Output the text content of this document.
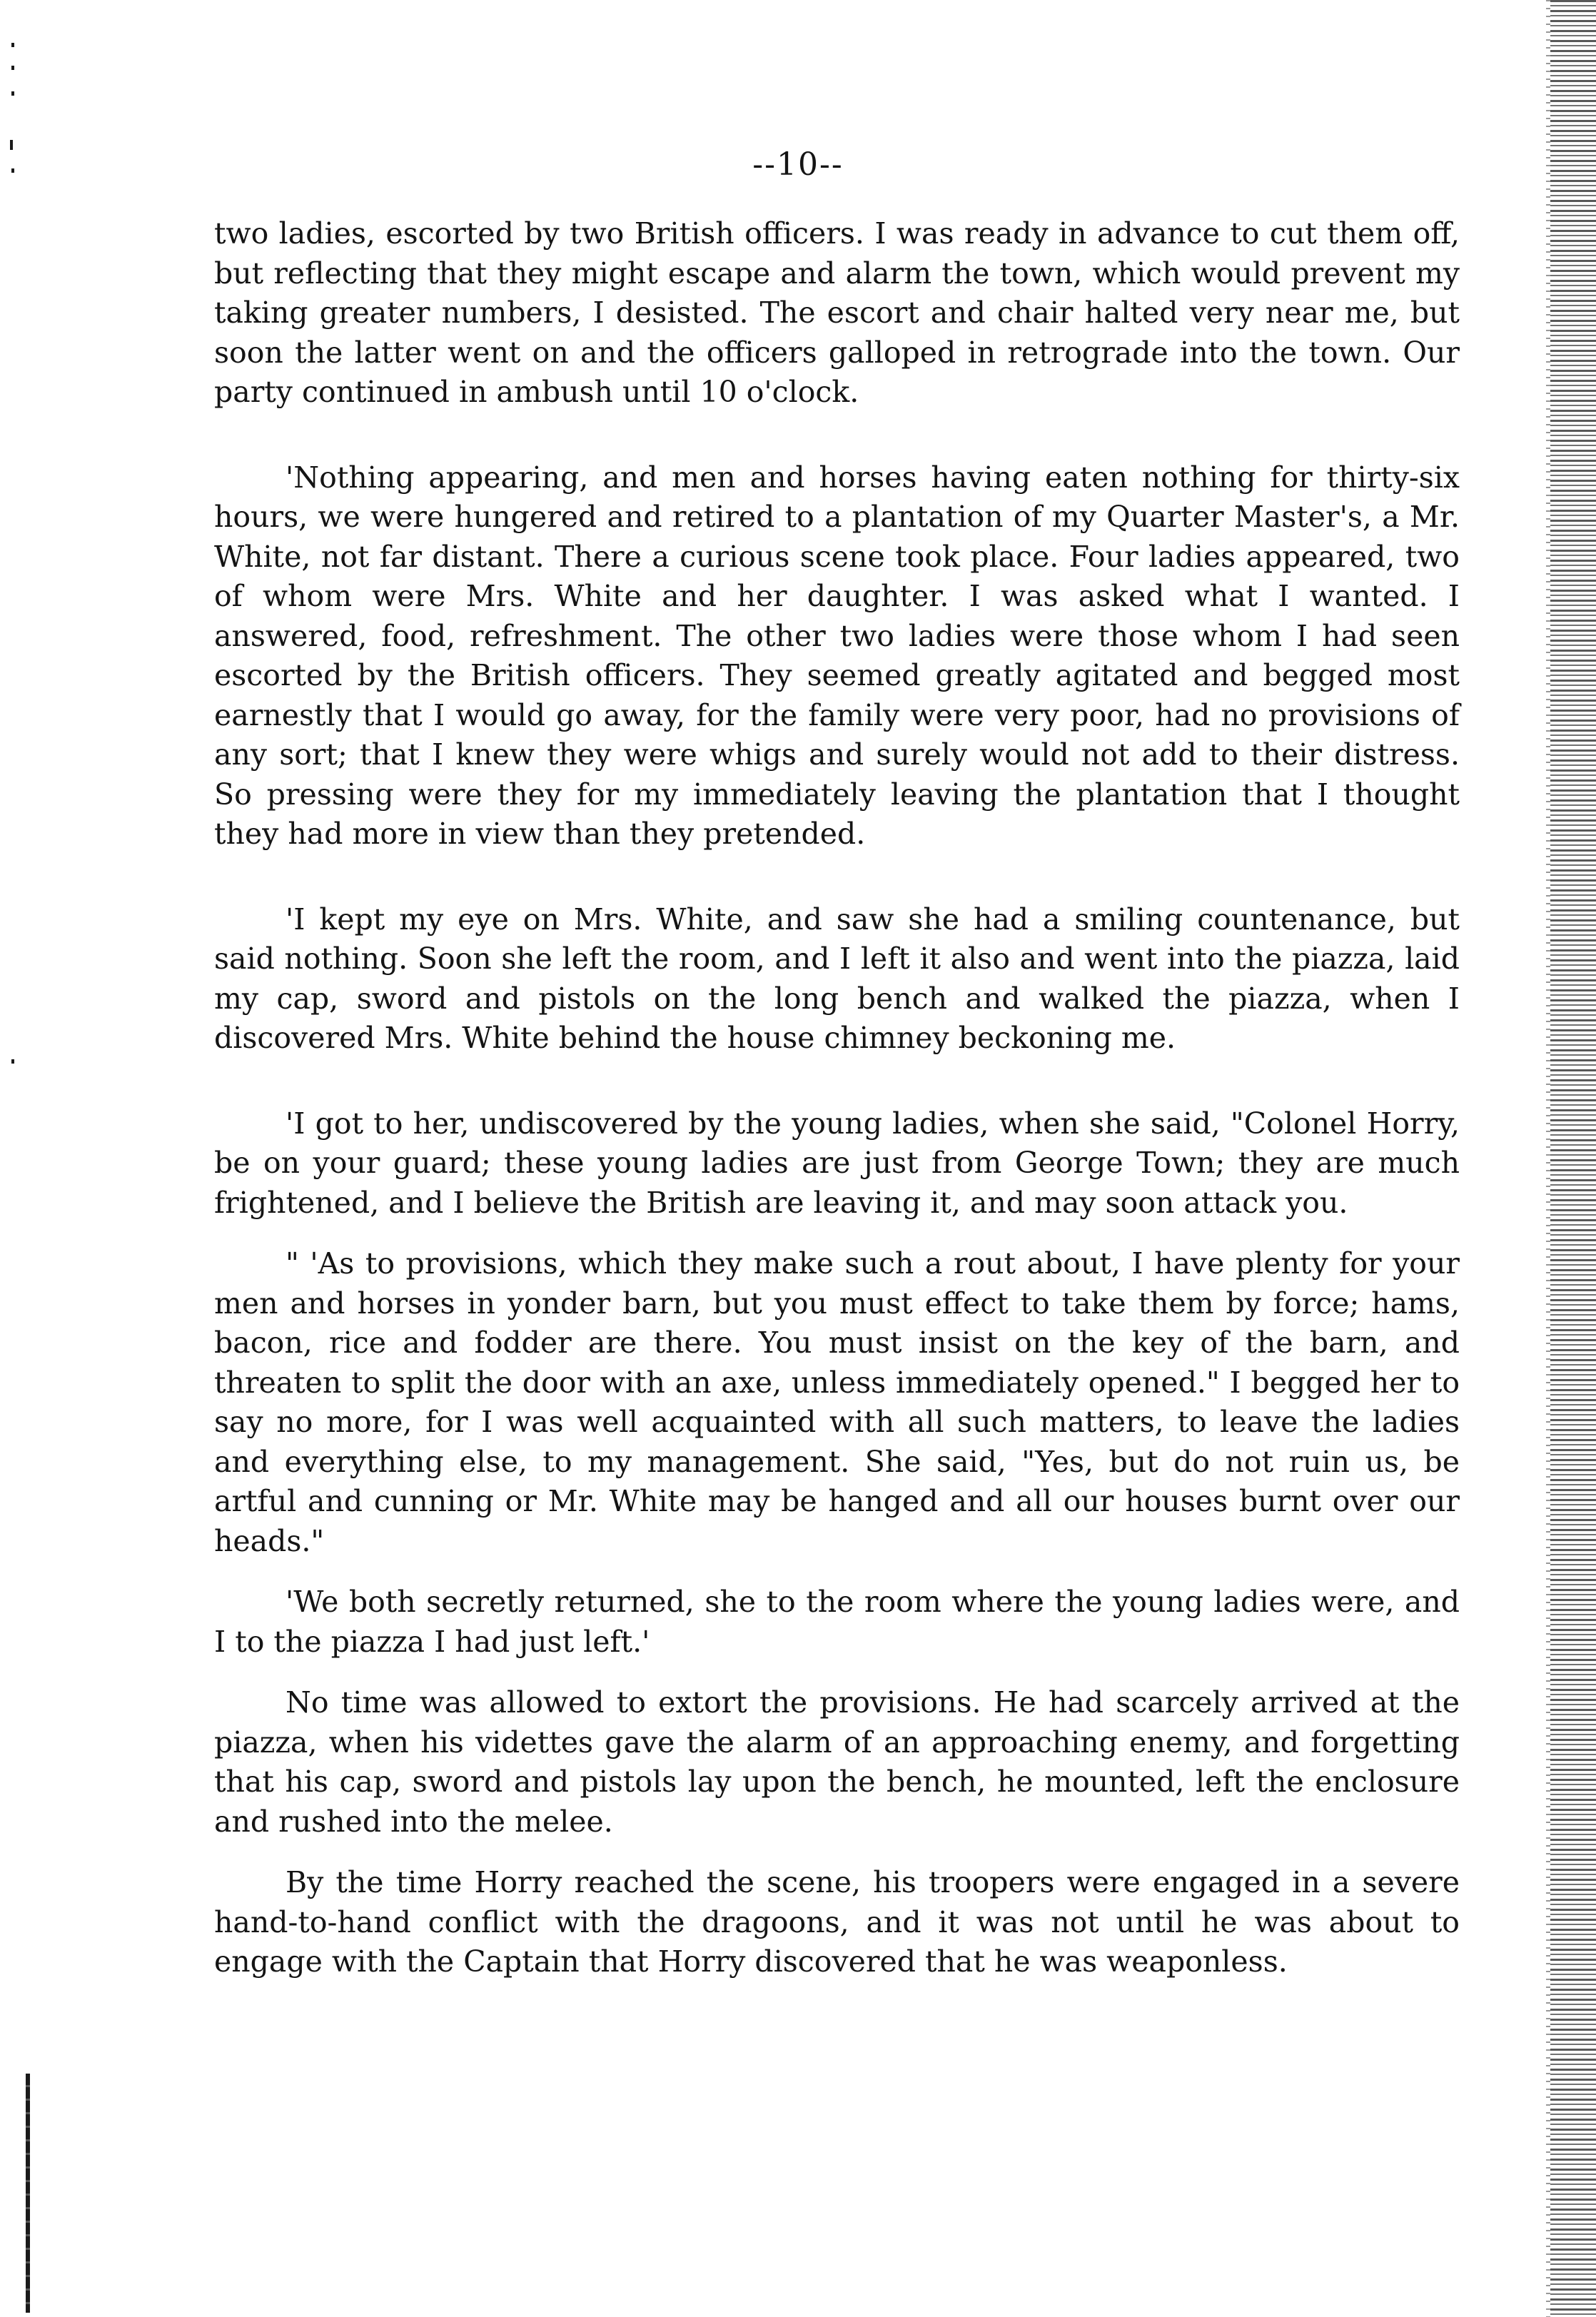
--10--

two ladies, escorted by two British officers. I was ready in advance to cut them off, but reflecting that they might escape and alarm the town, which would prevent my taking greater numbers, I desisted. The escort and chair halted very near me, but soon the latter went on and the officers galloped in retrograde into the town. Our party continued in ambush until 10 o'clock.

'Nothing appearing, and men and horses having eaten nothing for thirty-six hours, we were hungered and retired to a plantation of my Quarter Master's, a Mr. White, not far distant. There a curious scene took place. Four ladies appeared, two of whom were Mrs. White and her daughter. I was asked what I wanted. I answered, food, refreshment. The other two ladies were those whom I had seen escorted by the British officers. They seemed greatly agitated and begged most earnestly that I would go away, for the family were very poor, had no provisions of any sort; that I knew they were whigs and surely would not add to their distress. So pressing were they for my immediately leaving the plantation that I thought they had more in view than they pretended.

'I kept my eye on Mrs. White, and saw she had a smiling countenance, but said nothing. Soon she left the room, and I left it also and went into the piazza, laid my cap, sword and pistols on the long bench and walked the piazza, when I discovered Mrs. White behind the house chimney beckoning me.

'I got to her, undiscovered by the young ladies, when she said, "Colonel Horry, be on your guard; these young ladies are just from George Town; they are much frightened, and I believe the British are leaving it, and may soon attack you.

" 'As to provisions, which they make such a rout about, I have plenty for your men and horses in yonder barn, but you must effect to take them by force; hams, bacon, rice and fodder are there. You must insist on the key of the barn, and threaten to split the door with an axe, unless immediately opened." I begged her to say no more, for I was well acquainted with all such matters, to leave the ladies and everything else, to my management. She said, "Yes, but do not ruin us, be artful and cunning or Mr. White may be hanged and all our houses burnt over our heads."

'We both secretly returned, she to the room where the young ladies were, and I to the piazza I had just left.'

No time was allowed to extort the provisions. He had scarcely arrived at the piazza, when his videttes gave the alarm of an approaching enemy, and forgetting that his cap, sword and pistols lay upon the bench, he mounted, left the enclosure and rushed into the melee.

By the time Horry reached the scene, his troopers were engaged in a severe hand-to-hand conflict with the dragoons, and it was not until he was about to engage with the Captain that Horry discovered that he was weaponless.
